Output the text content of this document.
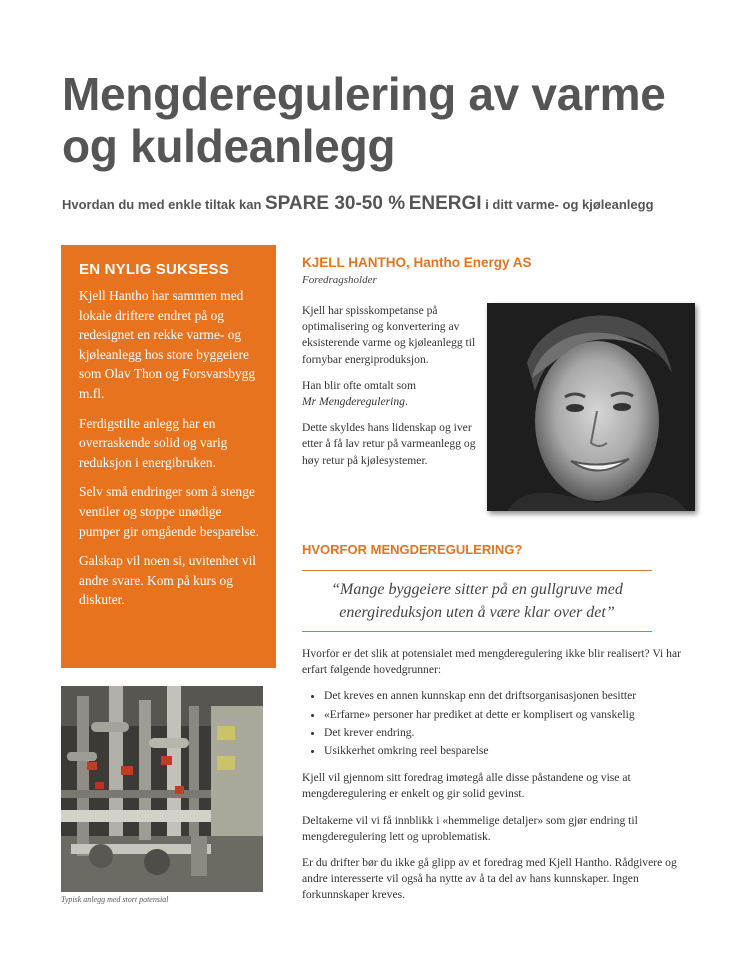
Mengderegulering av varme
og kuldeanlegg
Hvordan du med enkle tiltak kan SPARE 30-50 % ENERGI i ditt varme- og kjøleanlegg
EN NYLIG SUKSESS

Kjell Hantho har sammen med lokale driftere endret på og redesignet en rekke varme- og kjøleanlegg hos store byggeiere som Olav Thon og Forsvarsbygg m.fl.

Ferdigstilte anlegg har en overraskende solid og varig reduksjon i energibruken.

Selv små endringer som å stenge ventiler og stoppe unødige pumper gir omgående besparelse.

Galskap vil noen si, uvitenhet vil andre svare. Kom på kurs og diskuter.

Typisk anlegg med stort potensial
KJELL HANTHO, Hantho Energy AS
Foredragsholder

Kjell har spisskompetanse på optimalisering og konvertering av eksisterende varme og kjøleanlegg til fornybar energiproduksjon.

Han blir ofte omtalt som
Mr Mengderegulering.

Dette skyldes hans lidenskap og iver etter å få lav retur på varmeanlegg og høy retur på kjølesystemer.

HVORFOR MENGDEREGULERING?
“Mange byggeiere sitter på en gullgruve med
energireduksjon uten å være klar over det”

Hvorfor er det slik at potensialet med mengderegulering ikke blir realisert? Vi har erfart følgende hovedgrunner:

• Det kreves en annen kunnskap enn det driftsorganisasjonen besitter
• «Erfarne» personer har prediket at dette er komplisert og vanskelig
• Det krever endring.
• Usikkerhet omkring reel besparelse

Kjell vil gjennom sitt foredrag imøtegå alle disse påstandene og vise at mengderegulering er enkelt og gir solid gevinst.

Deltakerne vil vi få innblikk i «hemmelige detaljer» som gjør endring til mengderegulering lett og uproblematisk.

Er du drifter bør du ikke gå glipp av et foredrag med Kjell Hantho. Rådgivere og andre interesserte vil også ha nytte av å ta del av hans kunnskaper. Ingen forkunnskaper kreves.
